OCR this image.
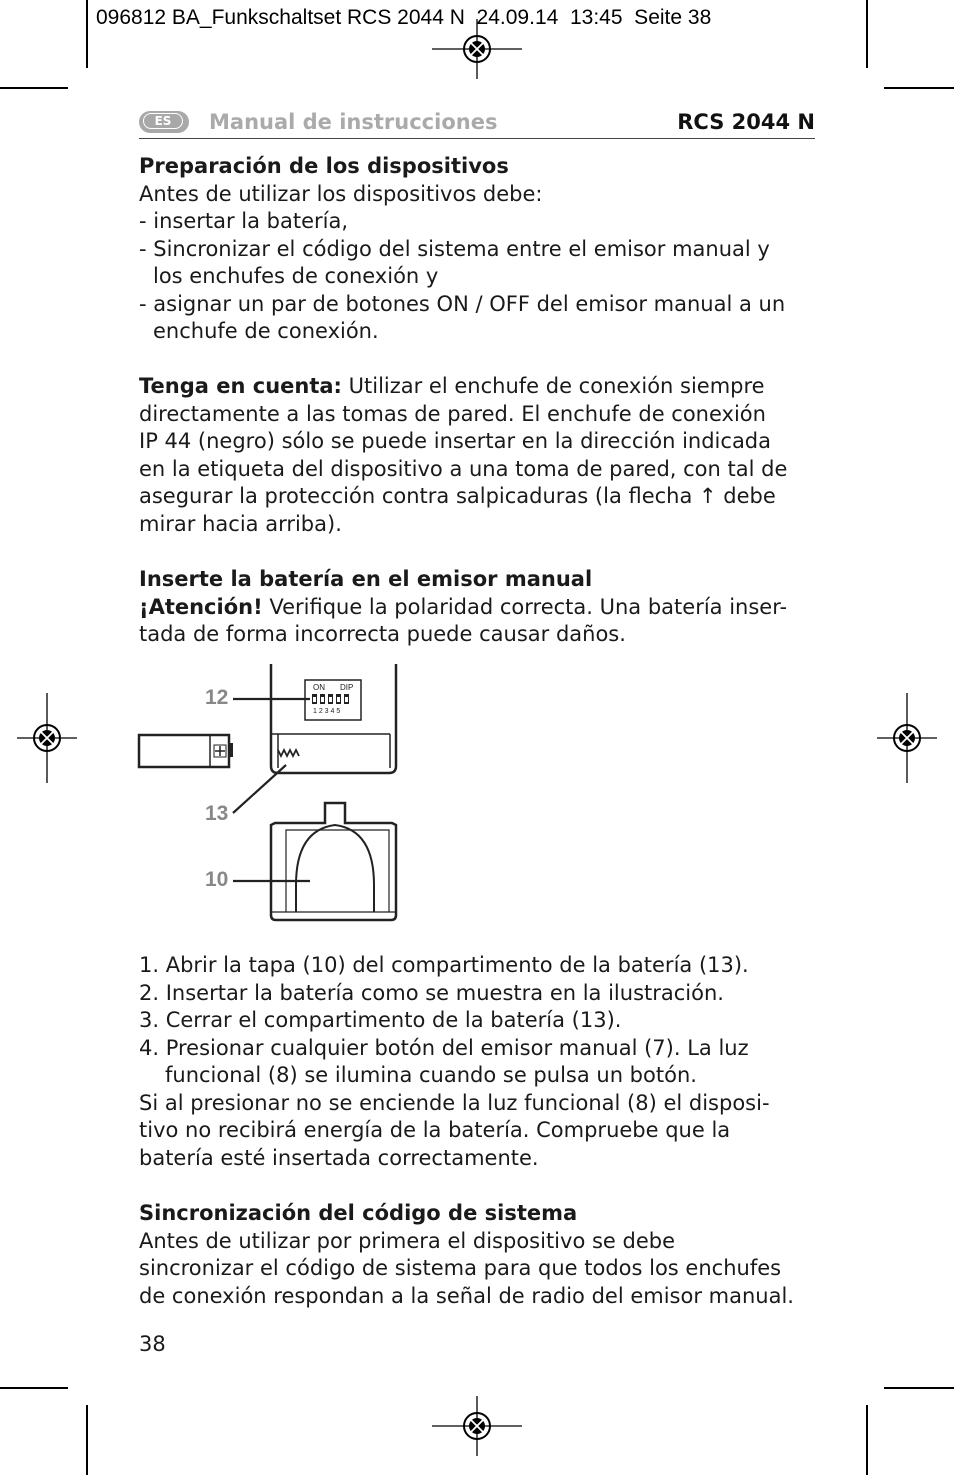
096812 BA_Funkschaltset RCS 2044 N  24.09.14  13:45  Seite 38
ES	Manual de instrucciones	RCS 2044 N
Preparación de los dispositivos
Antes de utilizar los dispositivos debe:
- insertar la batería,
- Sincronizar el código del sistema entre el emisor manual y
los enchufes de conexión y
- asignar un par de botones ON / OFF del emisor manual a un
enchufe de conexión.
Tenga en cuenta: Utilizar el enchufe de conexión siempre
directamente a las tomas de pared. El enchufe de conexión
IP 44 (negro) sólo se puede insertar en la dirección indicada
en la etiqueta del dispositivo a una toma de pared, con tal de
asegurar la protección contra salpicaduras (la flecha ↑ debe
mirar hacia arriba).
Inserte la batería en el emisor manual
¡Atención! Verifique la polaridad correcta. Una batería inser-
tada de forma incorrecta puede causar daños.
ON DIP
1 2 3 4 5
12
13
10
1. Abrir la tapa (10) del compartimento de la batería (13).
2. Insertar la batería como se muestra en la ilustración.
3. Cerrar el compartimento de la batería (13).
4. Presionar cualquier botón del emisor manual (7). La luz
funcional (8) se ilumina cuando se pulsa un botón.
Si al presionar no se enciende la luz funcional (8) el disposi-
tivo no recibirá energía de la batería. Compruebe que la
batería esté insertada correctamente.
Sincronización del código de sistema
Antes de utilizar por primera el dispositivo se debe
sincronizar el código de sistema para que todos los enchufes
de conexión respondan a la señal de radio del emisor manual.
38
